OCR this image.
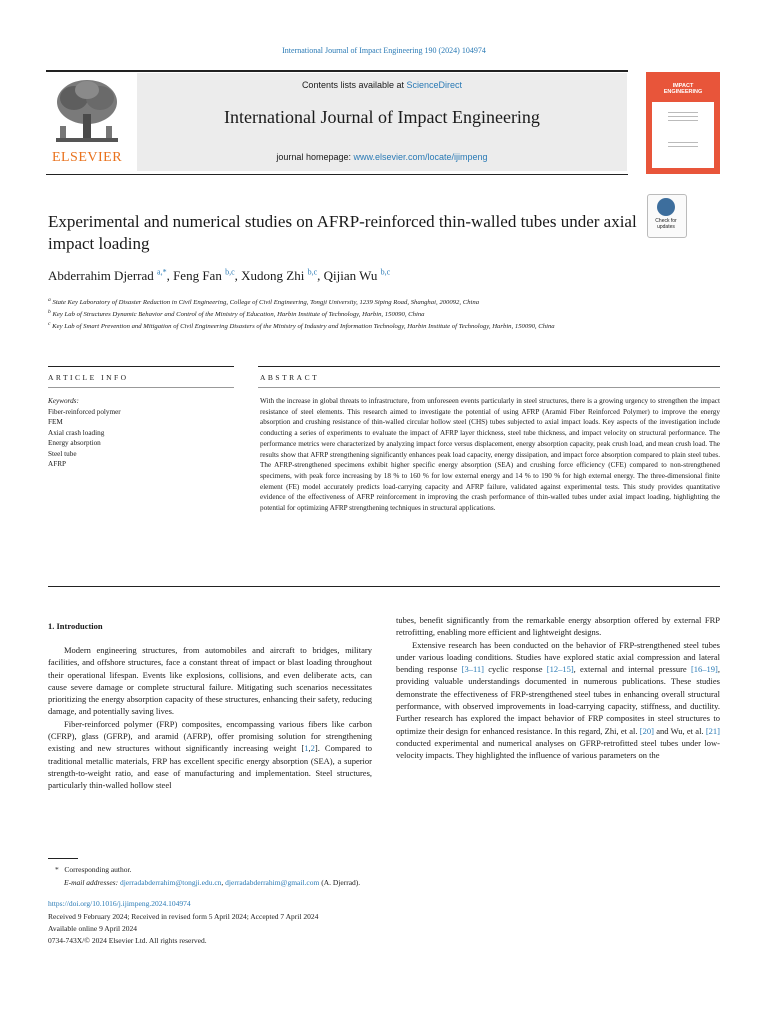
International Journal of Impact Engineering 190 (2024) 104974
ELSEVIER
Contents lists available at ScienceDirect
International Journal of Impact Engineering
journal homepage: www.elsevier.com/locate/ijimpeng
IMPACT
ENGINEERING
Experimental and numerical studies on AFRP-reinforced thin-walled tubes under axial impact loading
Check for updates
Abderrahim Djerrad $^{a,*}$, Feng Fan $^{b,c}$, Xudong Zhi $^{b,c}$, Qijian Wu $^{b,c}$
$^a$ State Key Laboratory of Disaster Reduction in Civil Engineering, College of Civil Engineering, Tongji University, 1239 Siping Road, Shanghai, 200092, China
$^b$ Key Lab of Structures Dynamic Behavior and Control of the Ministry of Education, Harbin Institute of Technology, Harbin, 150090, China
$^c$ Key Lab of Smart Prevention and Mitigation of Civil Engineering Disasters of the Ministry of Industry and Information Technology, Harbin Institute of Technology, Harbin, 150090, China
ARTICLE INFO	ABSTRACT
Keywords:
Fiber-reinforced polymer
FEM
Axial crash loading
Energy absorption
Steel tube
AFRP
With the increase in global threats to infrastructure, from unforeseen events particularly in steel structures, there is a growing urgency to strengthen the impact resistance of steel elements. This research aimed to investigate the potential of using AFRP (Aramid Fiber Reinforced Polymer) to improve the energy absorption and crushing resistance of thin-walled circular hollow steel (CHS) tubes subjected to axial impact loads. Key aspects of the investigation include conducting a series of experiments to evaluate the impact of AFRP layer thickness, steel tube thickness, and impact velocity on structural performance. The performance metrics were characterized by analyzing impact force versus displacement, energy absorption capacity, peak crush load, and mean crush load. The results show that AFRP strengthening significantly enhances peak load capacity, energy dissipation, and impact force absorption compared to plain steel tubes. The AFRP-strengthened specimens exhibit higher specific energy absorption (SEA) and crushing force efficiency (CFE) compared to non-strengthened specimens, with peak force increasing by 18 % to 160 % for low external energy and 14 % to 190 % for high external energy. The three-dimensional finite element (FE) model accurately predicts load-carrying capacity and AFRP failure, validated against experimental tests. This study provides quantitative evidence of the effectiveness of AFRP reinforcement in improving the crash performance of thin-walled tubes under axial impact loading, highlighting the potential for optimizing AFRP strengthening techniques in structural applications.
1. Introduction

Modern engineering structures, from automobiles and aircraft to bridges, military facilities, and offshore structures, face a constant threat of impact or blast loading throughout their operational lifespan. Events like explosions, collisions, and even deliberate acts, can cause severe damage or complete structural failure. Mitigating such scenarios necessitates prioritizing the energy absorption capacity of these structures, enhancing their safety, reducing damage, and potentially saving lives.

Fiber-reinforced polymer (FRP) composites, encompassing various fibers like carbon (CFRP), glass (GFRP), and aramid (AFRP), offer promising solution for strengthening existing and new structures without significantly increasing weight [1,2]. Compared to traditional metallic materials, FRP has excellent specific energy absorption (SEA), a superior strength-to-weight ratio, and ease of manufacturing and implementation. Steel structures, particularly thin-walled hollow steel

tubes, benefit significantly from the remarkable energy absorption offered by external FRP retrofitting, enabling more efficient and lightweight designs.

Extensive research has been conducted on the behavior of FRP-strengthened steel tubes under various loading conditions. Studies have explored static axial compression and lateral bending response [3–11] cyclic response [12–15], external and internal pressure [16–19], providing valuable understandings documented in numerous publications. These studies demonstrate the effectiveness of FRP-strengthened steel tubes in enhancing overall structural performance, with observed improvements in load-carrying capacity, stiffness, and ductility. Further research has explored the impact behavior of FRP composites in steel structures to optimize their design for enhanced resistance. In this regard, Zhi, et al. [20] and Wu, et al. [21] conducted experimental and numerical analyses on GFRP-retrofitted steel tubes under low-velocity impacts. They highlighted the influence of various parameters on the

* Corresponding author.
E-mail addresses: djerradabderrahim@tongji.edu.cn, djerradabderrahim@gmail.com (A. Djerrad).
https://doi.org/10.1016/j.ijimpeng.2024.104974
Received 9 February 2024; Received in revised form 5 April 2024; Accepted 7 April 2024
Available online 9 April 2024
0734-743X/© 2024 Elsevier Ltd. All rights reserved.
